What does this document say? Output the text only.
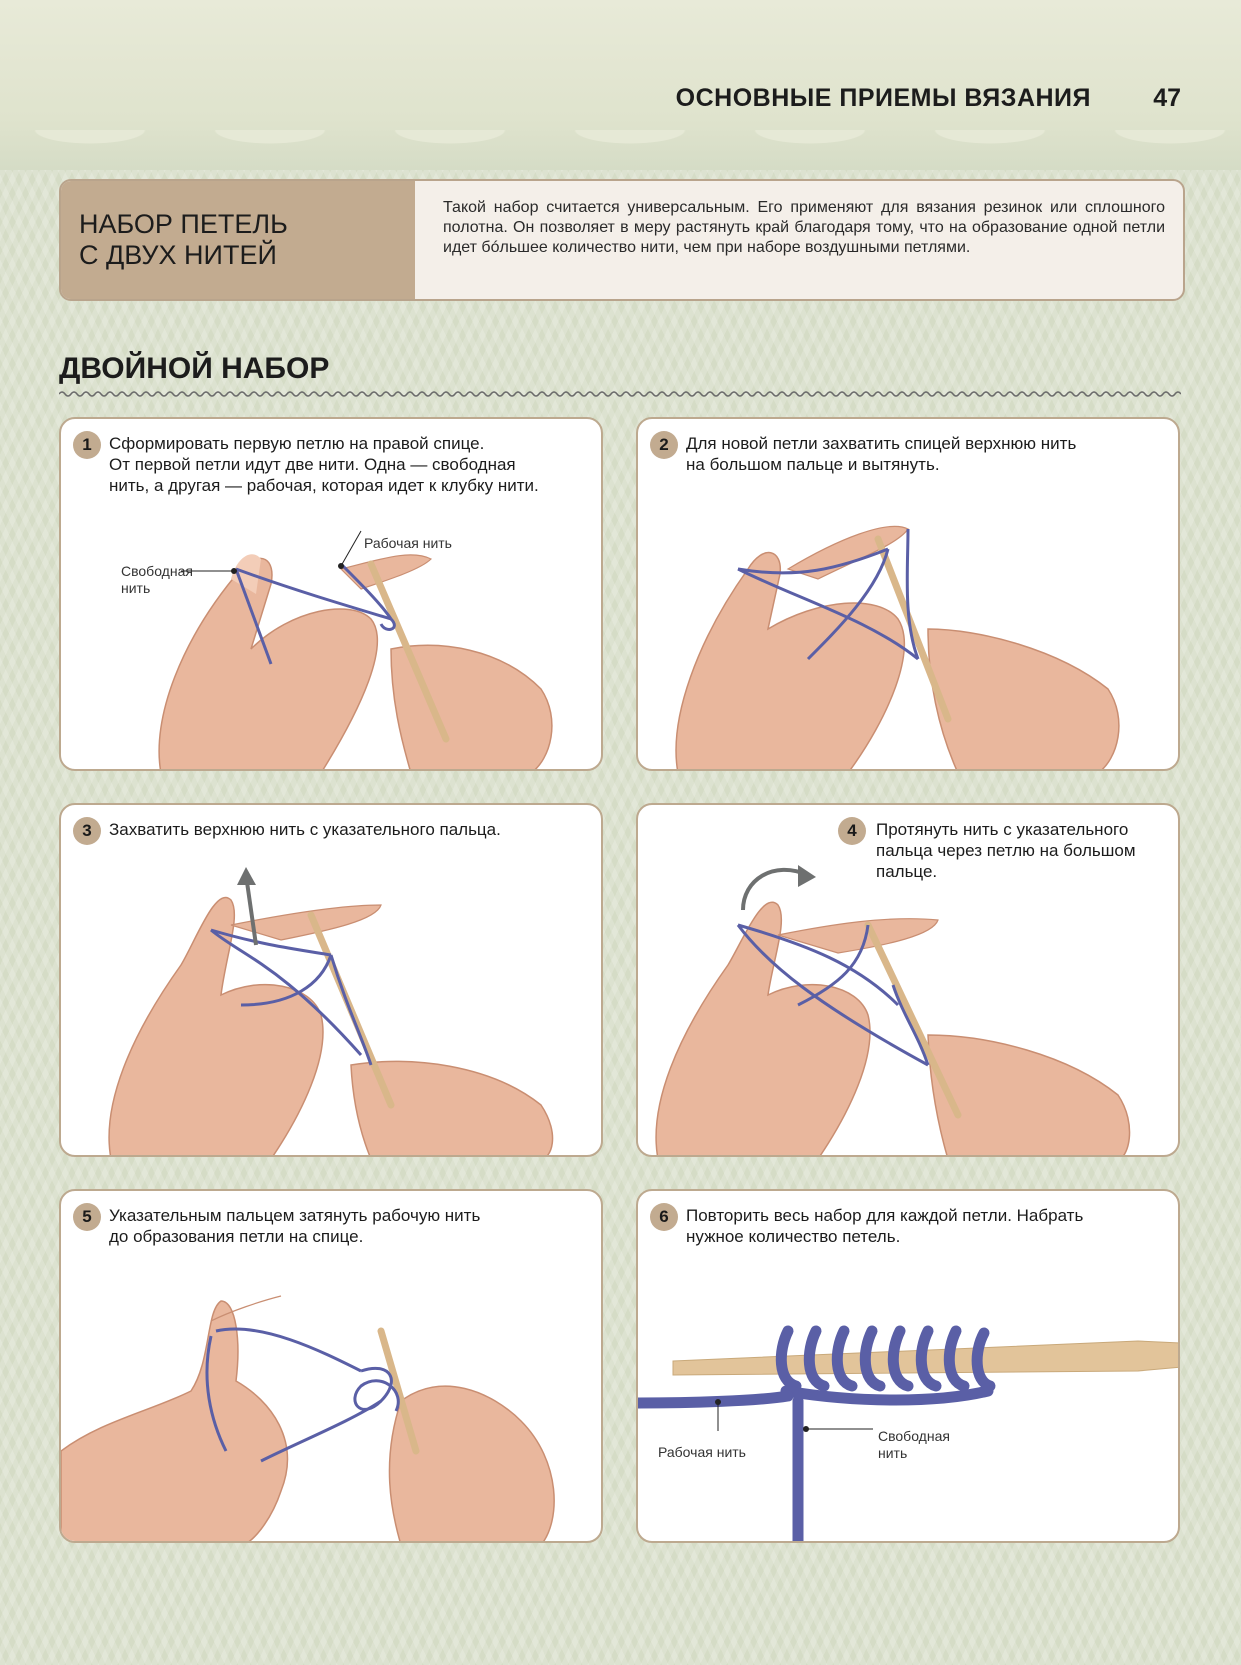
ОСНОВНЫЕ ПРИЕМЫ ВЯЗАНИЯ 47
НАБОР ПЕТЕЛЬ
С ДВУХ НИТЕЙ
Такой набор считается универсальным. Его применяют для вязания резинок или сплошного полотна. Он позволяет в меру растянуть край благодаря тому, что на образование одной петли идет бóльшее количество нити, чем при наборе воздушными петлями.
ДВОЙНОЙ НАБОР
1	Сформировать первую петлю на правой спице.
От первой петли идут две нити. Одна — свободная
нить, а другая — рабочая, которая идет к клубку нити.
Свободная
нить
Рабочая нить
2	Для новой петли захватить спицей верхнюю нить
на большом пальце и вытянуть.
3	Захватить верхнюю нить с указательного пальца.	4	Протянуть нить с указательного
пальца через петлю на большом
пальце.
5	Указательным пальцем затянуть рабочую нить
до образования петли на спице.
6	Повторить весь набор для каждой петли. Набрать
нужное количество петель.
Рабочая нить
Свободная
нить
